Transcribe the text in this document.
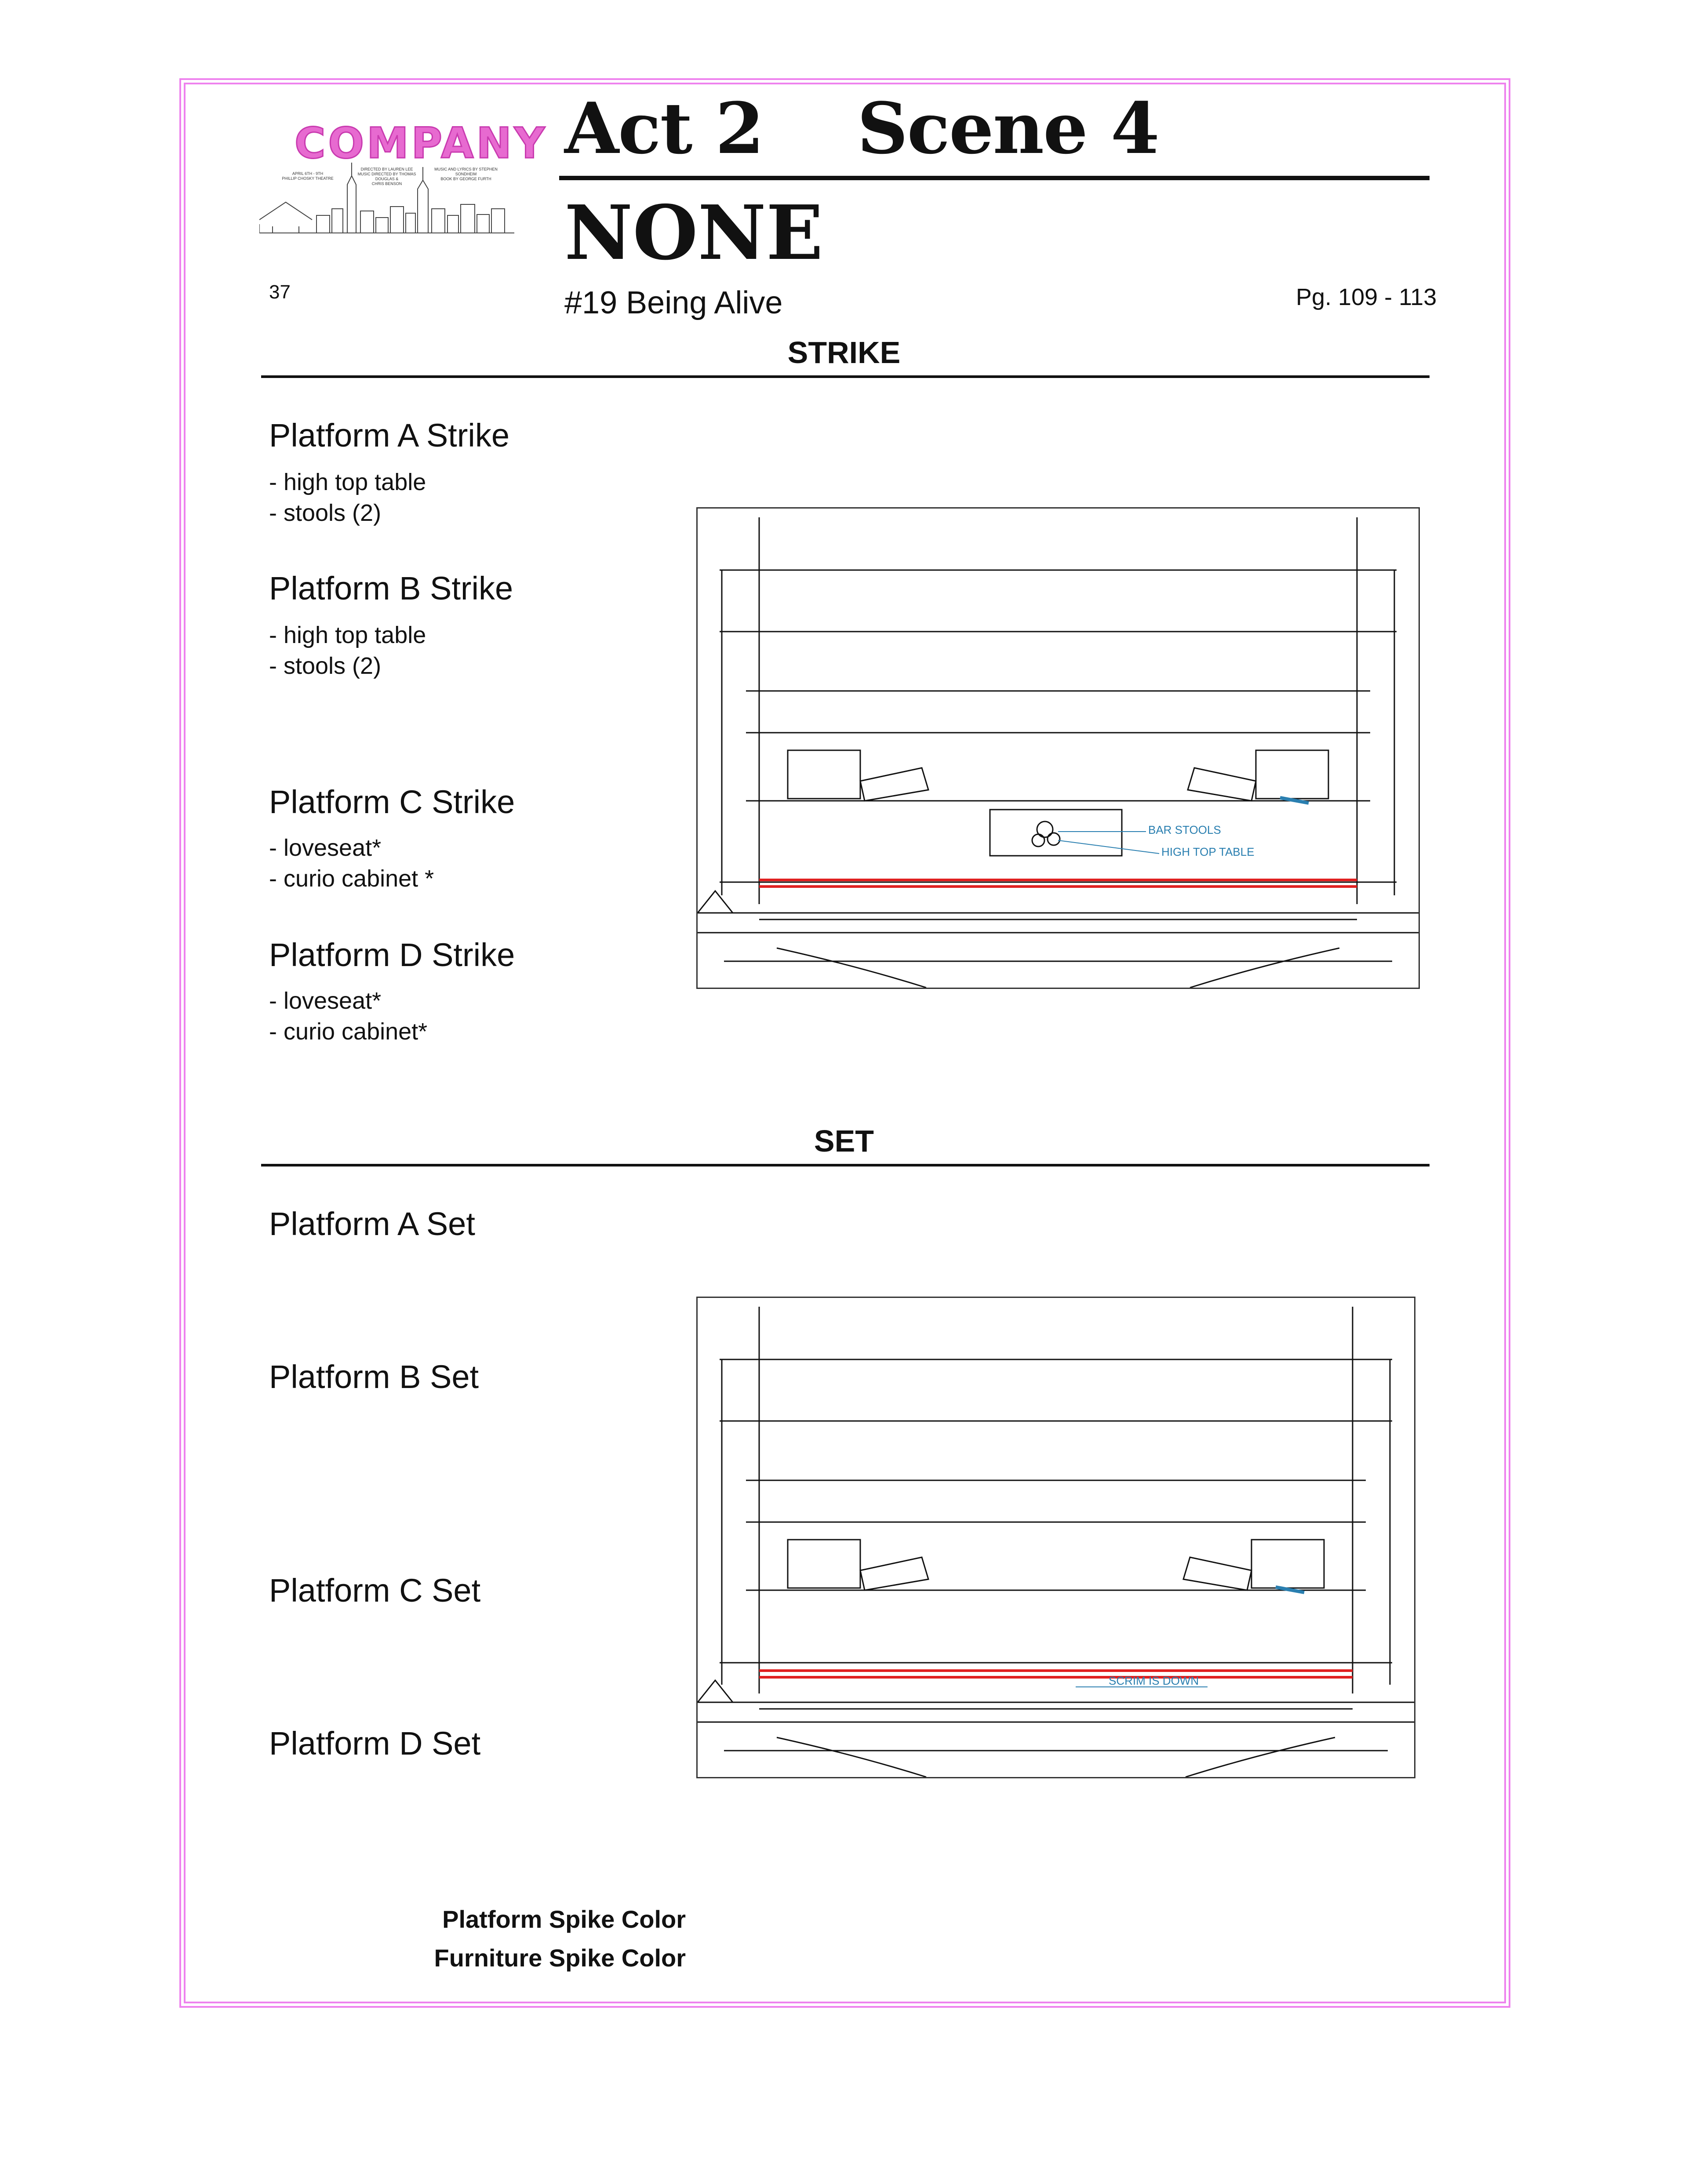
COMPANY
APRIL 6TH - 9TH
PHILLIP CHOSKY THEATRE
DIRECTED BY LAUREN LEE
MUSIC DIRECTED BY THOMAS DOUGLAS &
CHRIS BENSON
MUSIC AND LYRICS BY STEPHEN SONDHEIM
BOOK BY GEORGE FURTH
Act 2 Scene 4
NONE
37	#19 Being Alive	Pg. 109 - 113
STRIKE
Platform A Strike
- high top table
- stools (2)
Platform B Strike
- high top table
- stools (2)
Platform C Strike
- loveseat*
- curio cabinet *
Platform D Strike
- loveseat*
- curio cabinet*
BAR STOOLS
HIGH TOP TABLE
SET
Platform A Set
Platform B Set
Platform C Set
Platform D Set
SCRIM IS DOWN
Platform Spike Color
Furniture Spike Color
